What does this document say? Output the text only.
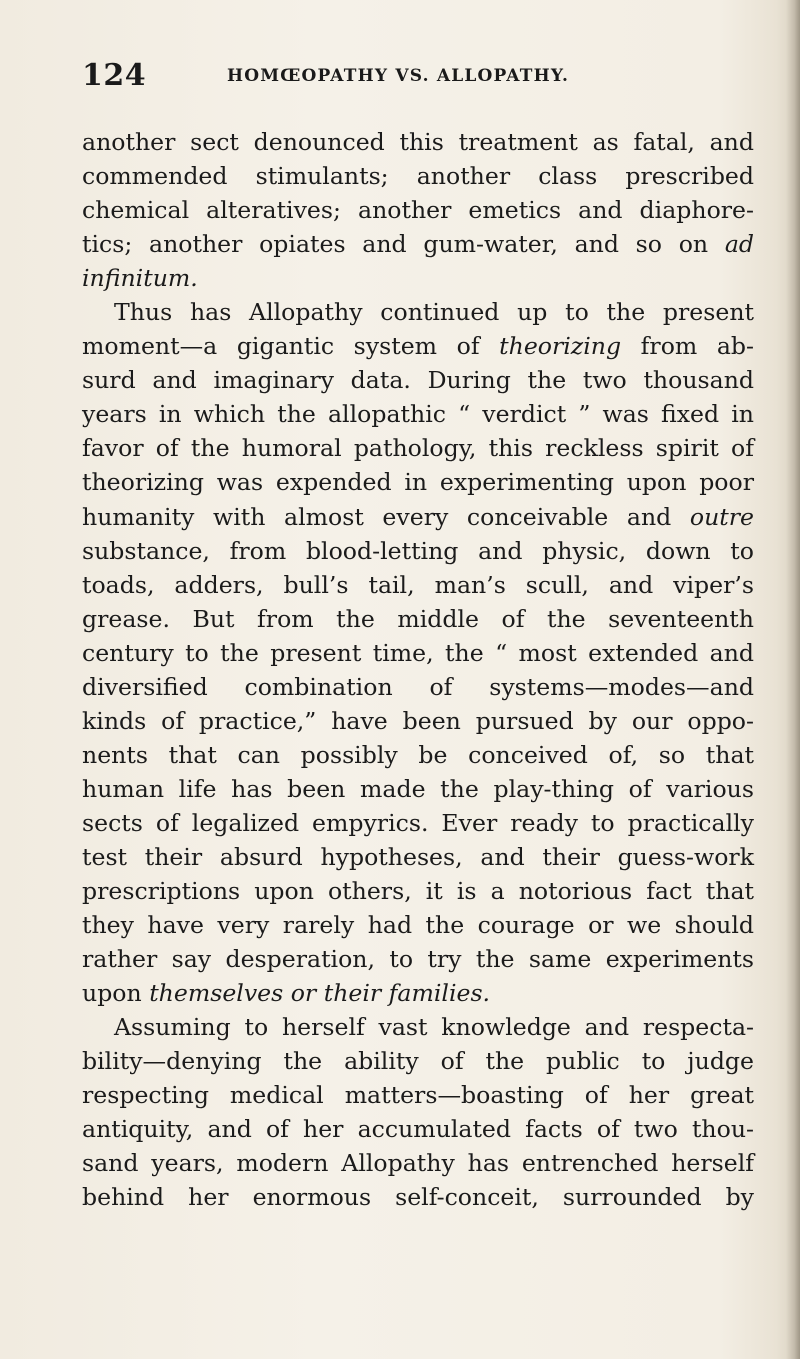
124	HOMŒOPATHY VS. ALLOPATHY.
another sect denounced this treatment as fatal, and
commended stimulants; another class prescribed
chemical alteratives; another emetics and diaphore-
tics; another opiates and gum-water, and so on ad
infinitum.
Thus has Allopathy continued up to the present
moment—a gigantic system of theorizing from ab-
surd and imaginary data. During the two thousand
years in which the allopathic “ verdict ” was fixed in
favor of the humoral pathology, this reckless spirit of
theorizing was expended in experimenting upon poor
humanity with almost every conceivable and outre
substance, from blood-letting and physic, down to
toads, adders, bull’s tail, man’s scull, and viper’s
grease. But from the middle of the seventeenth
century to the present time, the “ most extended and
diversified combination of systems—modes—and
kinds of practice,” have been pursued by our oppo-
nents that can possibly be conceived of, so that
human life has been made the play-thing of various
sects of legalized empyrics. Ever ready to practically
test their absurd hypotheses, and their guess-work
prescriptions upon others, it is a notorious fact that
they have very rarely had the courage or we should
rather say desperation, to try the same experiments
upon themselves or their families.
Assuming to herself vast knowledge and respecta-
bility—denying the ability of the public to judge
respecting medical matters—boasting of her great
antiquity, and of her accumulated facts of two thou-
sand years, modern Allopathy has entrenched herself
behind her enormous self-conceit, surrounded by
